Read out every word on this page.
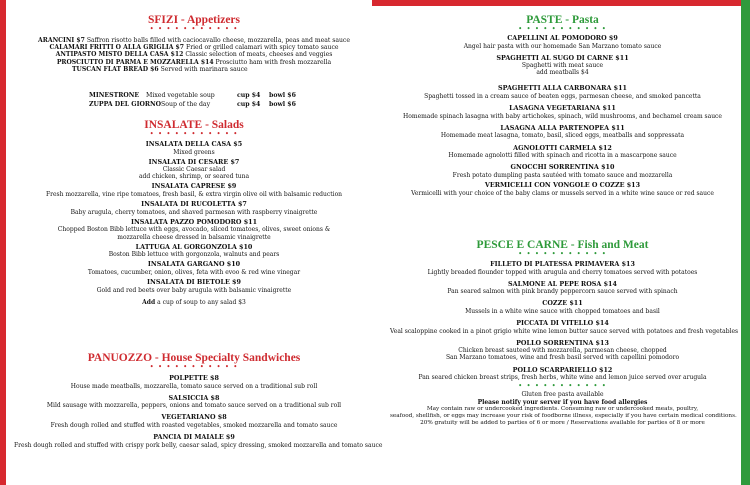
SFIZI - Appetizers
• • • • • • • • • • •
ARANCINI $7 Saffron risotto balls filled with caciocavallo cheese, mozzarella, peas and meat sauce
CALAMARI FRITTI O ALLA GRIGLIA $7 Fried or grilled calamari with spicy tomato sauce
ANTIPASTO MISTO DELLA CASA $12 Classic selection of meats, cheeses and veggies
PROSCIUTTO DI PARMA E MOZZARELLA $14 Prosciutto ham with fresh mozzarella
TUSCAN FLAT BREAD $6 Served with marinara sauce
MINESTRONE Mixed vegetable soup	cup $4 bowl $6
ZUPPA DEL GIORNO Soup of the day	cup $4 bowl $6
INSALATE - Salads
• • • • • • • • • • •
INSALATA DELLA CASA $5
Mixed greens
INSALATA DI CESARE $7
Classic Caesar salad
add chicken, shrimp, or seared tuna
INSALATA CAPRESE $9
Fresh mozzarella, vine ripe tomatoes, fresh basil, & extra virgin olive oil with balsamic reduction
INSALATA DI RUCOLETTA $7
Baby arugula, cherry tomatoes, and shaved parmesan with raspberry vinaigrette
INSALATA PAZZO POMODORO $11
Chopped Boston Bibb lettuce with eggs, avocado, sliced tomatoes, olives, sweet onions &
mozzarella cheese dressed in balsamic vinaigrette
LATTUGA AL GORGONZOLA $10
Boston Bibb lettuce with gorgonzola, walnuts and pears
INSALATA GARGANO $10
Tomatoes, cucumber, onion, olives, feta with evoo & red wine vinegar
INSALATA DI BIETOLE $9
Gold and red beets over baby arugula with balsamic vinaigrette
Add a cup of soup to any salad $3
PANUOZZO - House Specialty Sandwiches
• • • • • • • • • • •
POLPETTE $8
House made meatballs, mozzarella, tomato sauce served on a traditional sub roll
SALSICCIA $8
Mild sausage with mozzarella, peppers, onions and tomato sauce served on a traditional sub roll
VEGETARIANO $8
Fresh dough rolled and stuffed with roasted vegetables, smoked mozzarella and tomato sauce
PANCIA DI MAIALE $9
Fresh dough rolled and stuffed with crispy pork belly, caesar salad, spicy dressing, smoked mozzarella and tomato sauce
PASTE - Pasta
• • • • • • • • • • •
CAPELLINI AL POMODORO $9
Angel hair pasta with our homemade San Marzano tomato sauce
SPAGHETTI AL SUGO DI CARNE $11
Spaghetti with meat sauce
add meatballs $4
SPAGHETTI ALLA CARBONARA $11
Spaghetti tossed in a cream sauce of beaten eggs, parmesan cheese, and smoked pancetta
LASAGNA VEGETARIANA $11
Homemade spinach lasagna with baby artichokes, spinach, wild mushrooms, and bechamel cream sauce
LASAGNA ALLA PARTENOPEA $11
Homemade meat lasagna, tomato, basil, sliced eggs, meatballs and soppressata
AGNOLOTTI CARMELA $12
Homemade agnolotti filled with spinach and ricotta in a mascarpone sauce
GNOCCHI SORRENTINA $10
Fresh potato dumpling pasta sautéed with tomato sauce and mozzarella
VERMICELLI CON VONGOLE O COZZE $13
Vermicelli with your choice of the baby clams or mussels served in a white wine sauce or red sauce
PESCE E CARNE - Fish and Meat
• • • • • • • • • • •
FILLETO DI PLATESSA PRIMAVERA $13
Lightly breaded flounder topped with arugula and cherry tomatoes served with potatoes
SALMONE AL PEPE ROSA $14
Pan seared salmon with pink brandy peppercorn sauce served with spinach
COZZE $11
Mussels in a white wine sauce with chopped tomatoes and basil
PICCATA DI VITELLO $14
Veal scaloppine cooked in a pinot grigio white wine lemon butter sauce served with potatoes and fresh vegetables
POLLO SORRENTINA $13
Chicken breast sauteed with mozzarella, parmesan cheese, chopped
San Marzano tomatoes, wine and fresh basil served with capellini pomodoro
POLLO SCARPARIELLO $12
Pan seared chicken breast strips, fresh herbs, white wine and lemon juice served over arugula
• • • • • • • • • • •
Gluten free pasta available
Please notify your server if you have food allergies
May contain raw or undercooked ingredients. Consuming raw or undercooked meats, poultry,
seafood, shellfish, or eggs may increase your risk of foodborne illness, especially if you have certain medical conditions.
20% gratuity will be added to parties of 6 or more / Reservations available for parties of 8 or more
